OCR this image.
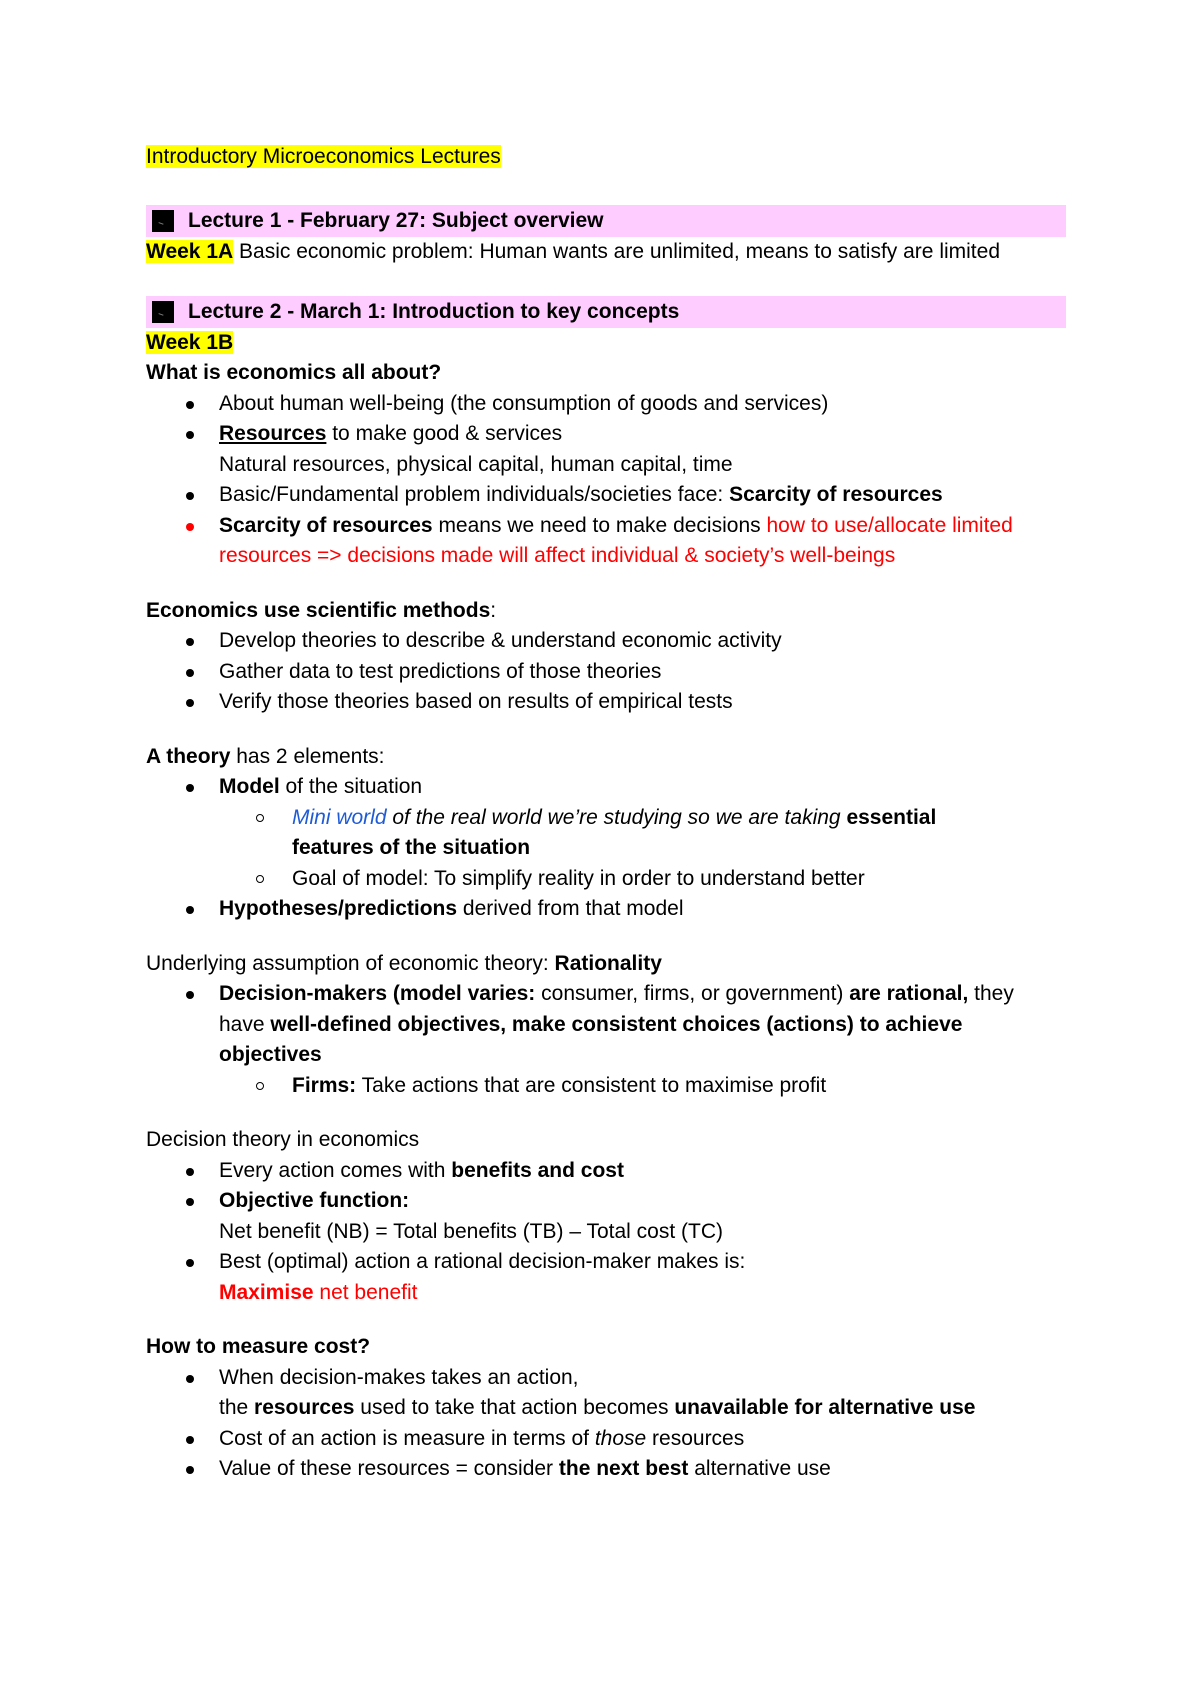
Introductory Microeconomics Lectures
Lecture 1 - February 27: Subject overview
Week 1A Basic economic problem: Human wants are unlimited, means to satisfy are limited
Lecture 2 - March 1: Introduction to key concepts
Week 1B
What is economics all about?
About human well-being (the consumption of goods and services)
Resources to make good & services
Natural resources, physical capital, human capital, time
Basic/Fundamental problem individuals/societies face: Scarcity of resources
Scarcity of resources means we need to make decisions how to use/allocate limited
resources => decisions made will affect individual & society’s well-beings
Economics use scientific methods:
Develop theories to describe & understand economic activity
Gather data to test predictions of those theories
Verify those theories based on results of empirical tests
A theory has 2 elements:
Model of the situation
Mini world of the real world we’re studying so we are taking essential
features of the situation
Goal of model: To simplify reality in order to understand better
Hypotheses/predictions derived from that model
Underlying assumption of economic theory: Rationality
Decision-makers (model varies: consumer, firms, or government) are rational, they
have well-defined objectives, make consistent choices (actions) to achieve
objectives
Firms: Take actions that are consistent to maximise profit
Decision theory in economics
Every action comes with benefits and cost
Objective function:
Net benefit (NB) = Total benefits (TB) – Total cost (TC)
Best (optimal) action a rational decision-maker makes is:
Maximise net benefit
How to measure cost?
When decision-makes takes an action,
the resources used to take that action becomes unavailable for alternative use
Cost of an action is measure in terms of those resources
Value of these resources = consider the next best alternative use
